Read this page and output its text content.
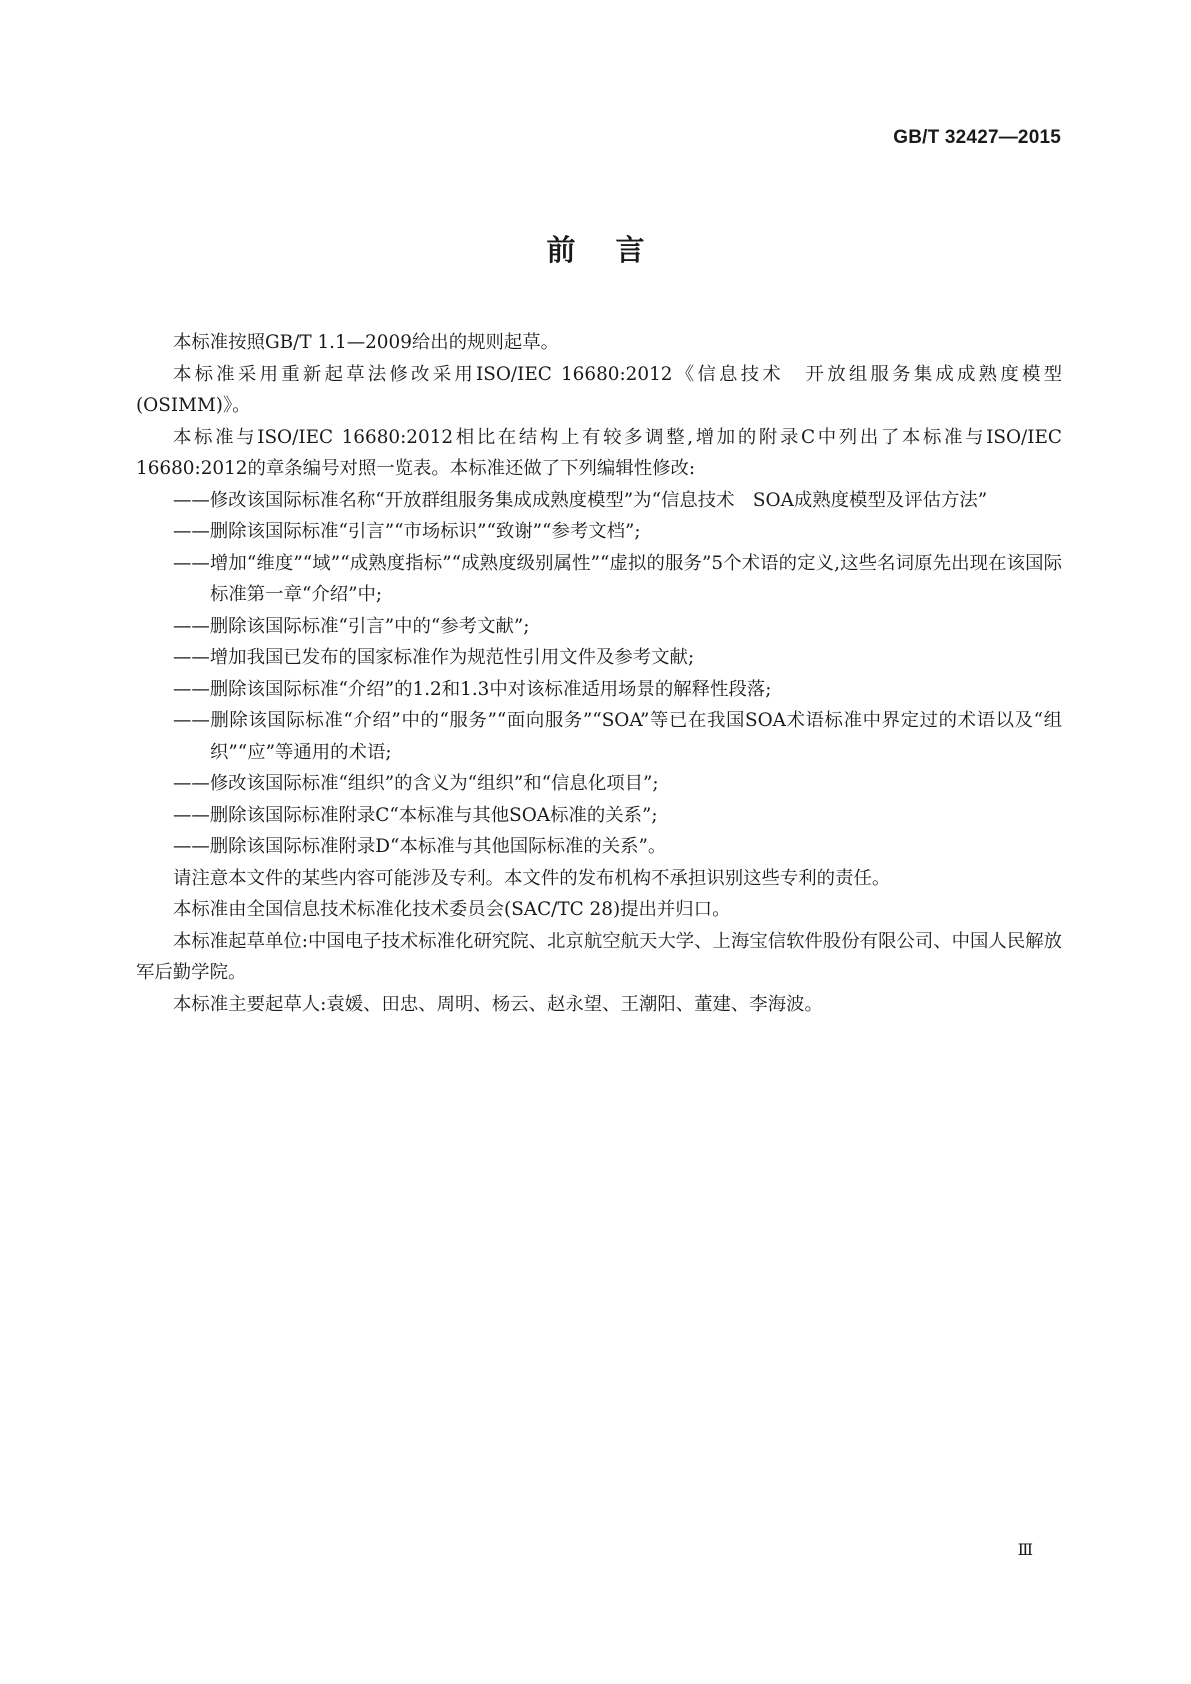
GB/T 32427—2015
前言

本标准按照GB/T 1.1—2009给出的规则起草。

本标准采用重新起草法修改采用ISO/IEC 16680:2012《信息技术　开放组服务集成成熟度模型(OSIMM)》。

本标准与ISO/IEC 16680:2012相比在结构上有较多调整,增加的附录C中列出了本标准与ISO/IEC 16680:2012的章条编号对照一览表。本标准还做了下列编辑性修改:

——修改该国际标准名称“开放群组服务集成成熟度模型”为“信息技术　SOA成熟度模型及评估方法”

——删除该国际标准“引言”“市场标识”“致谢”“参考文档”;

——增加“维度”“域”“成熟度指标”“成熟度级别属性”“虚拟的服务”5个术语的定义,这些名词原先出现在该国际标准第一章“介绍”中;

——删除该国际标准“引言”中的“参考文献”;

——增加我国已发布的国家标准作为规范性引用文件及参考文献;

——删除该国际标准“介绍”的1.2和1.3中对该标准适用场景的解释性段落;

——删除该国际标准“介绍”中的“服务”“面向服务”“SOA”等已在我国SOA术语标准中界定过的术语以及“组织”“应”等通用的术语;

——修改该国际标准“组织”的含义为“组织”和“信息化项目”;

——删除该国际标准附录C“本标准与其他SOA标准的关系”;

——删除该国际标准附录D“本标准与其他国际标准的关系”。

请注意本文件的某些内容可能涉及专利。本文件的发布机构不承担识别这些专利的责任。

本标准由全国信息技术标准化技术委员会(SAC/TC 28)提出并归口。

本标准起草单位:中国电子技术标准化研究院、北京航空航天大学、上海宝信软件股份有限公司、中国人民解放军后勤学院。

本标准主要起草人:袁媛、田忠、周明、杨云、赵永望、王潮阳、董建、李海波。

Ⅲ
